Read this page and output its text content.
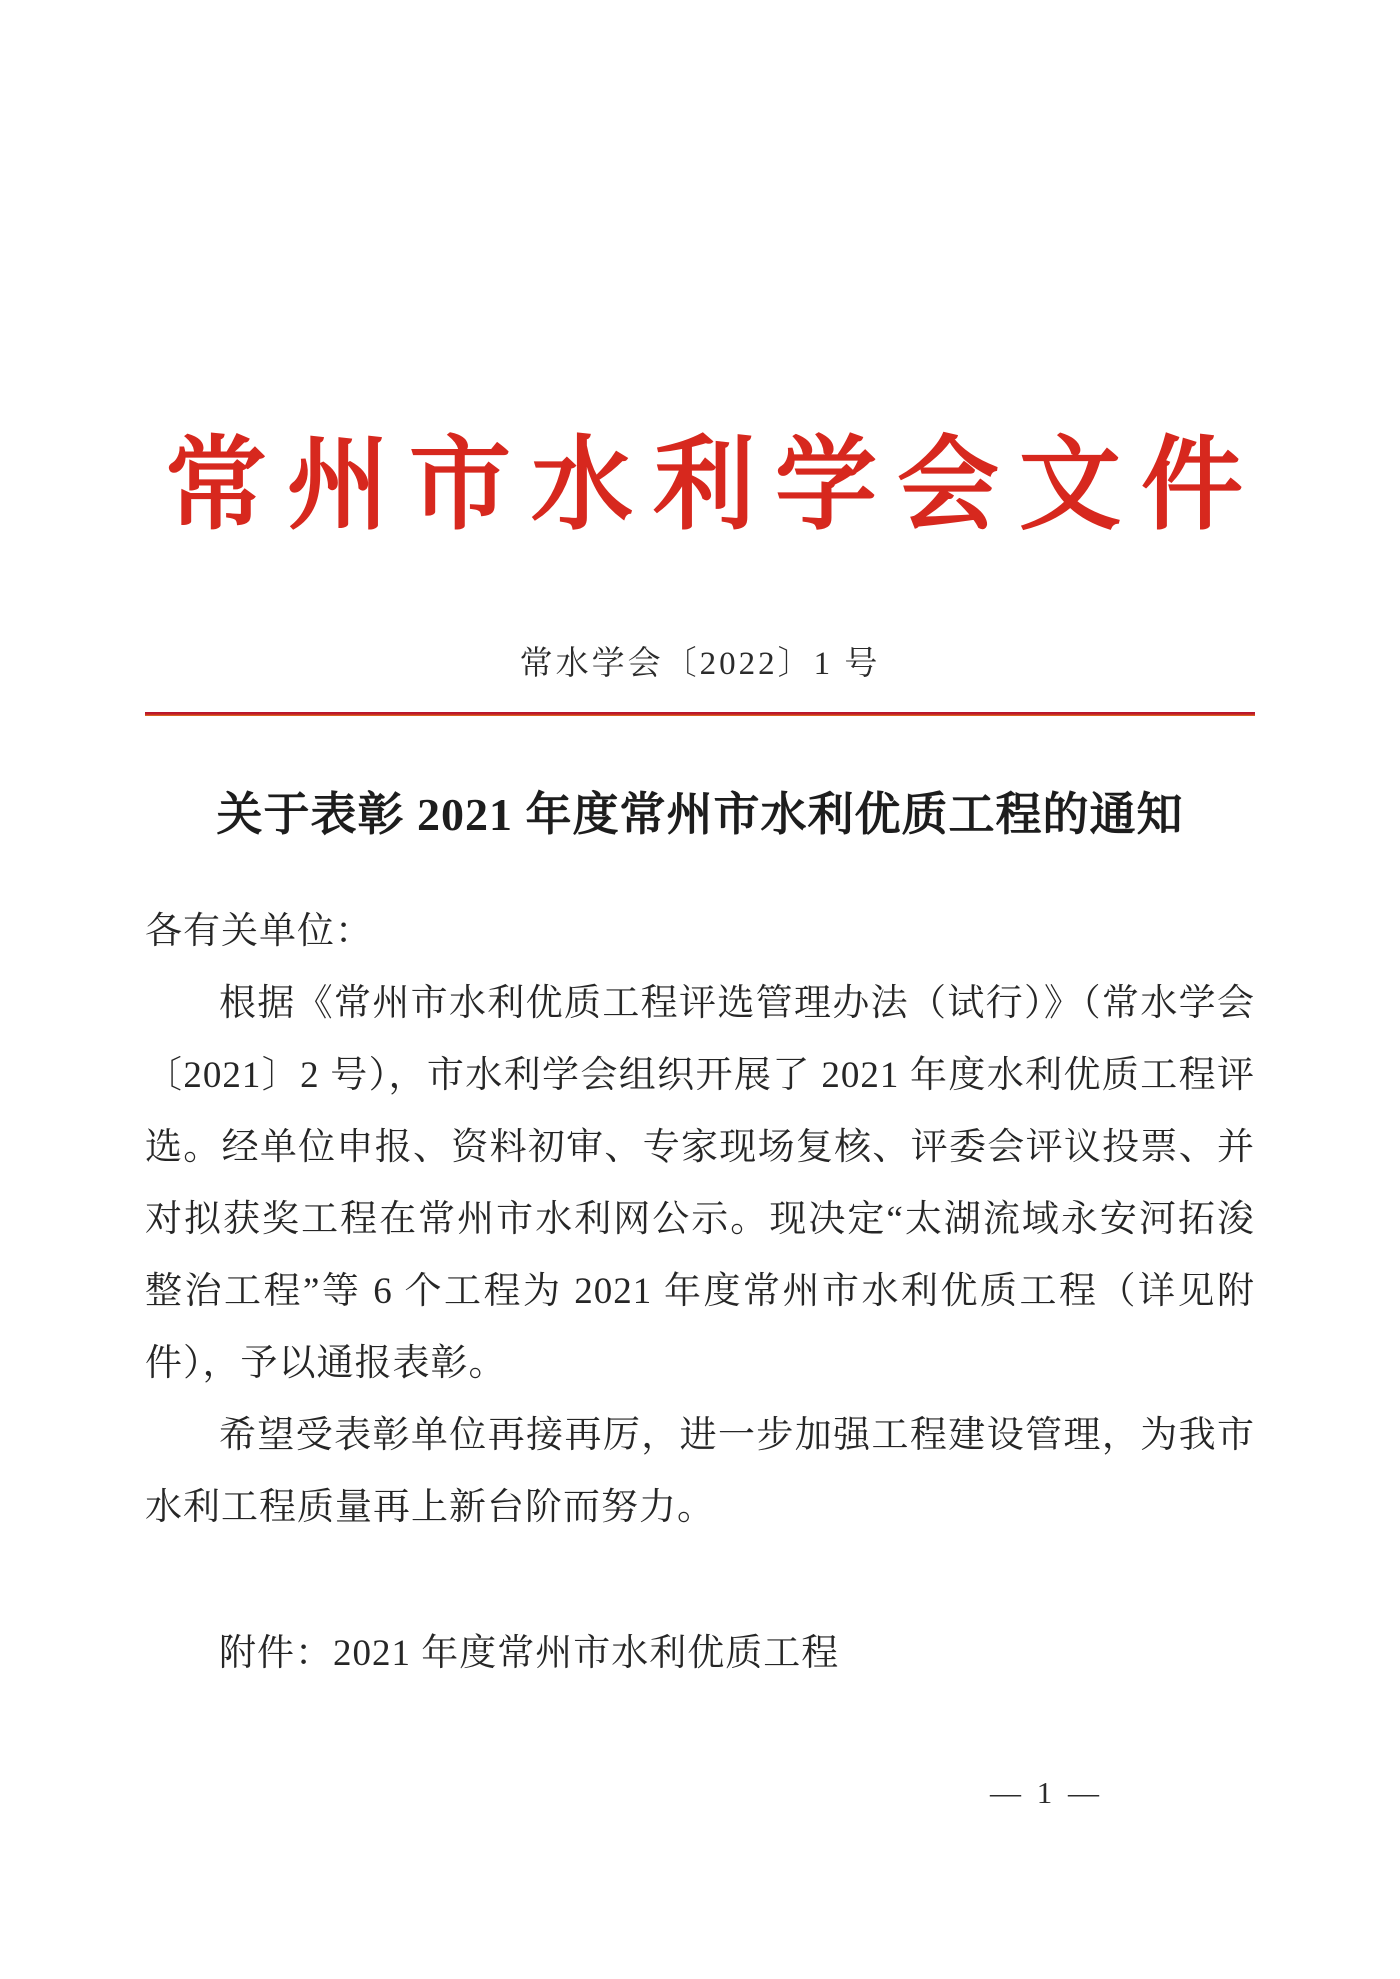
常州市水利学会文件

常水学会〔2022〕1 号

关于表彰 2021 年度常州市水利优质工程的通知

各有关单位：

根据《常州市水利优质工程评选管理办法（试行）》（常水学会〔2021〕2 号），市水利学会组织开展了 2021 年度水利优质工程评选。经单位申报、资料初审、专家现场复核、评委会评议投票、并对拟获奖工程在常州市水利网公示。现决定“太湖流域永安河拓浚整治工程”等 6 个工程为 2021 年度常州市水利优质工程（详见附件），予以通报表彰。

希望受表彰单位再接再厉，进一步加强工程建设管理，为我市水利工程质量再上新台阶而努力。

附件：2021 年度常州市水利优质工程

— 1 —
